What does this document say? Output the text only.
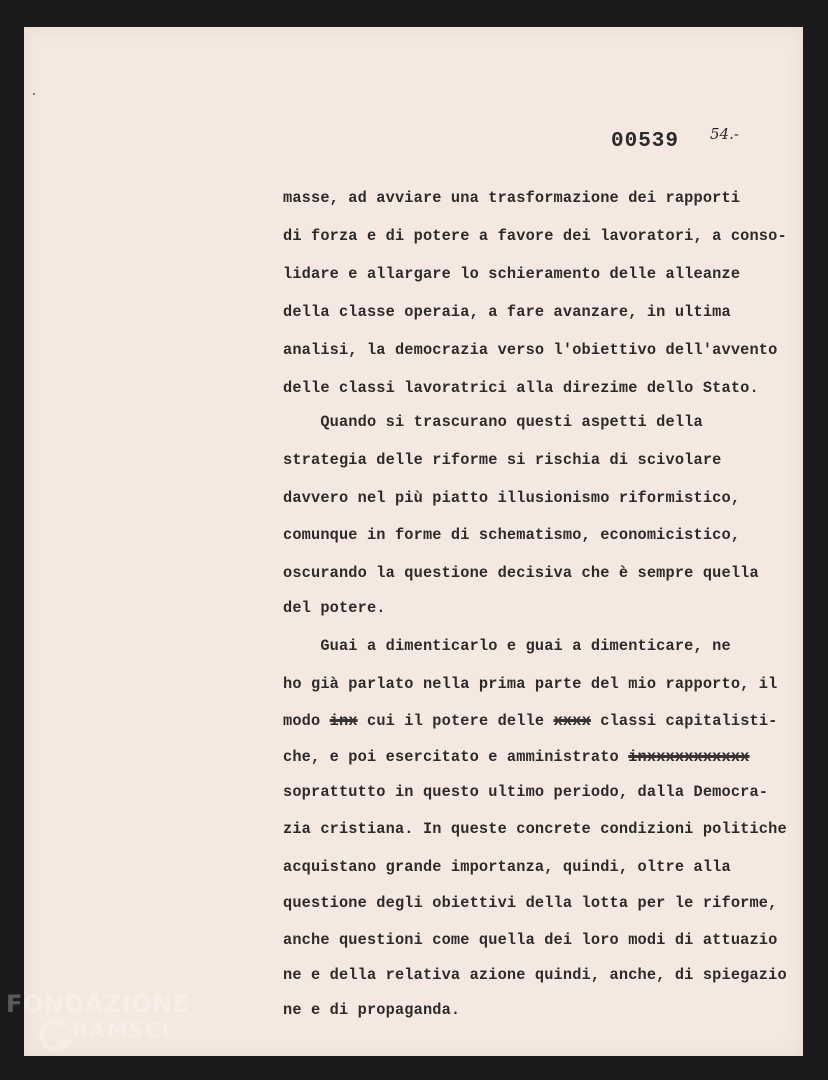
00539 54.-
masse, ad avviare una trasformazione dei rapporti
di forza e di potere a favore dei lavoratori, a conso-
lidare e allargare lo schieramento delle alleanze
della classe operaia, a fare avanzare, in ultima
analisi, la democrazia verso l'obiettivo dell'avvento
delle classi lavoratrici alla direzime dello Stato.
Quando si trascurano questi aspetti della
strategia delle riforme si rischia di scivolare
davvero nel più piatto illusionismo riformistico,
comunque in forme di schematismo, economicistico,
oscurando la questione decisiva che è sempre quella
del potere.
Guai a dimenticarlo e guai a dimenticare, ne
ho già parlato nella prima parte del mio rapporto, il
modo inx cui il potere delle xxxx classi capitalisti-
che, e poi esercitato e amministrato inxxxxxxxxxxx
soprattutto in questo ultimo periodo, dalla Democra-
zia cristiana. In queste concrete condizioni politiche
acquistano grande importanza, quindi, oltre alla
questione degli obiettivi della lotta per le riforme,
anche questioni come quella dei loro modi di attuazio
ne e della relativa azione quindi, anche, di spiegazio
ne e di propaganda.
FONDAZIONE
RAMSCI
